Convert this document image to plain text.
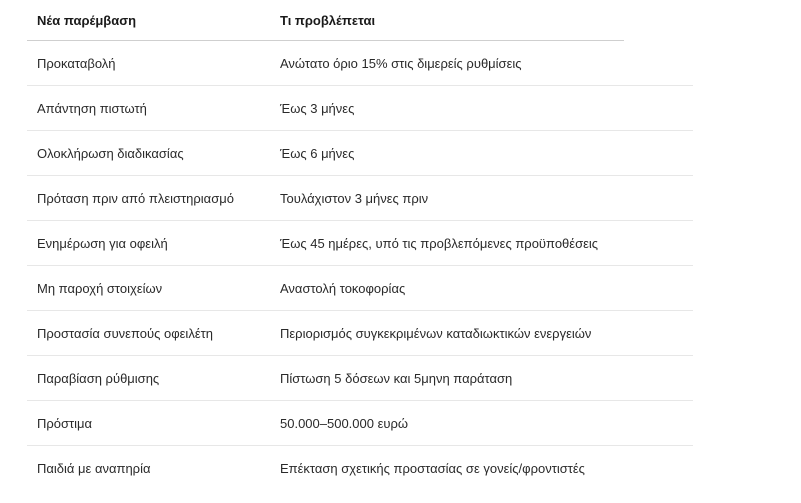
Νέα παρέμβαση	Τι προβλέπεται
Προκαταβολή	Ανώτατο όριο 15% στις διμερείς ρυθμίσεις
Απάντηση πιστωτή	Έως 3 μήνες
Ολοκλήρωση διαδικασίας	Έως 6 μήνες
Πρόταση πριν από πλειστηριασμό	Τουλάχιστον 3 μήνες πριν
Ενημέρωση για οφειλή	Έως 45 ημέρες, υπό τις προβλεπόμενες προϋποθέσεις
Μη παροχή στοιχείων	Αναστολή τοκοφορίας
Προστασία συνεπούς οφειλέτη	Περιορισμός συγκεκριμένων καταδιωκτικών ενεργειών
Παραβίαση ρύθμισης	Πίστωση 5 δόσεων και 5μηνη παράταση
Πρόστιμα	50.000–500.000 ευρώ
Παιδιά με αναπηρία	Επέκταση σχετικής προστασίας σε γονείς/φροντιστές
